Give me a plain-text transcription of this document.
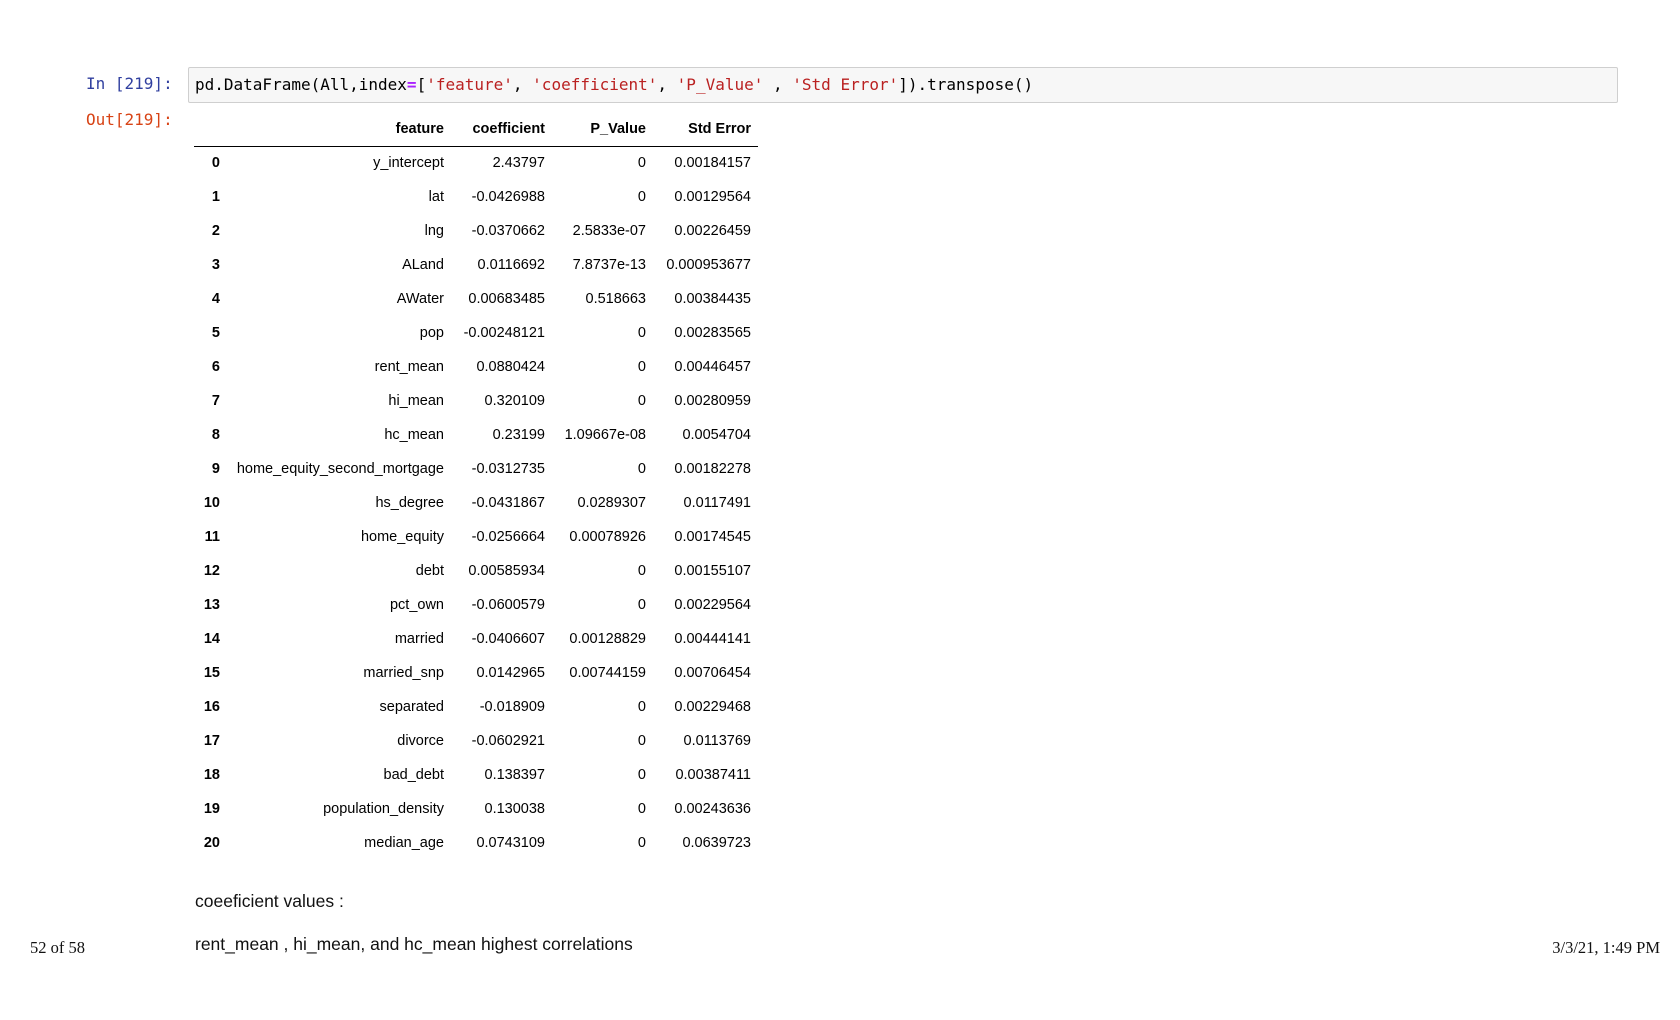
In [219]: pd.DataFrame(All,index=['feature', 'coefficient', 'P_Value' , 'Std Error']).transpose()
Out[219]:
	feature	coefficient	P_Value	Std Error
0	y_intercept	2.43797	0	0.00184157
1	lat	-0.0426988	0	0.00129564
2	lng	-0.0370662	2.5833e-07	0.00226459
3	ALand	0.0116692	7.8737e-13	0.000953677
4	AWater	0.00683485	0.518663	0.00384435
5	pop	-0.00248121	0	0.00283565
6	rent_mean	0.0880424	0	0.00446457
7	hi_mean	0.320109	0	0.00280959
8	hc_mean	0.23199	1.09667e-08	0.0054704
9	home_equity_second_mortgage	-0.0312735	0	0.00182278
10	hs_degree	-0.0431867	0.0289307	0.0117491
11	home_equity	-0.0256664	0.00078926	0.00174545
12	debt	0.00585934	0	0.00155107
13	pct_own	-0.0600579	0	0.00229564
14	married	-0.0406607	0.00128829	0.00444141
15	married_snp	0.0142965	0.00744159	0.00706454
16	separated	-0.018909	0	0.00229468
17	divorce	-0.0602921	0	0.0113769
18	bad_debt	0.138397	0	0.00387411
19	population_density	0.130038	0	0.00243636
20	median_age	0.0743109	0	0.0639723
coeeficient values :
rent_mean , hi_mean, and hc_mean highest correlations
52 of 58	3/3/21, 1:49 PM
